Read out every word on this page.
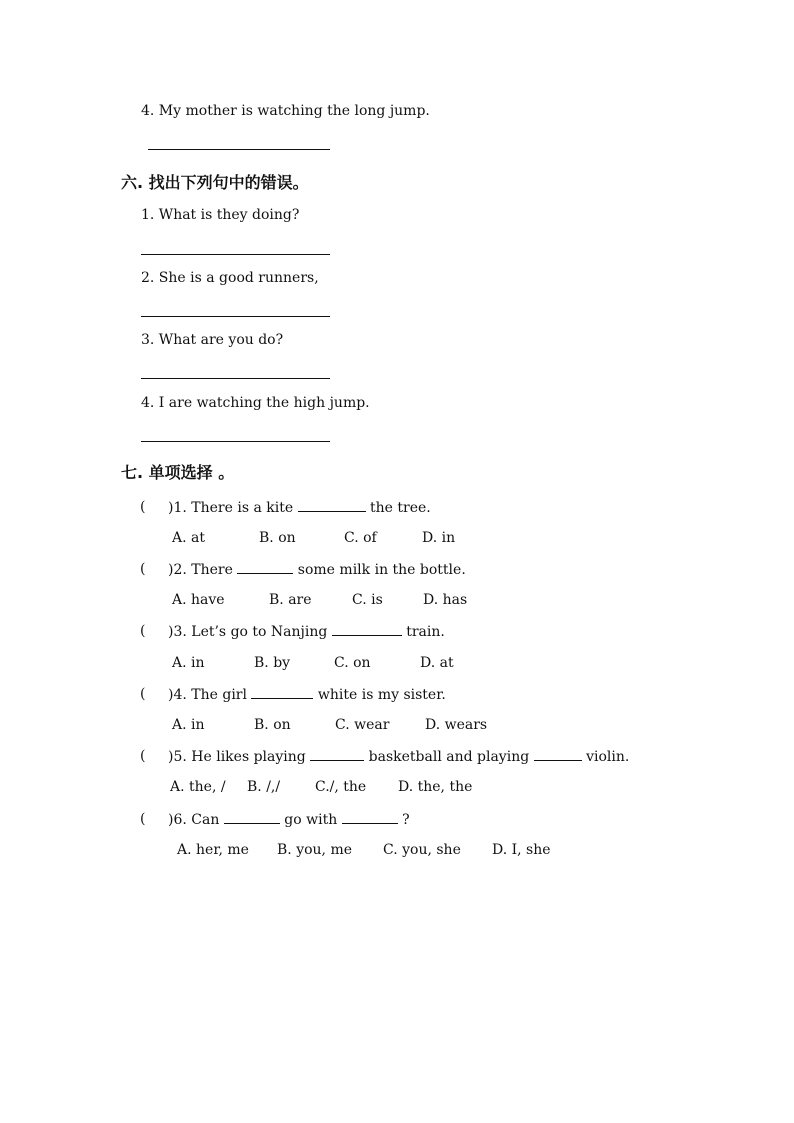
4. My mother is watching the long jump.
六. 找出下列句中的错误。
1. What is they doing?
2. She is a good runners,
3. What are you do?
4. I are watching the high jump.
七. 单项选择 。
( )1. There is a kite	the tree.
A. at	B. on	C. of	D. in
( )2. There	some milk in the bottle.
A. have	B. are	C. is	D. has
( )3. Let’s go to Nanjing	train.
A. in	B. by	C. on	D. at
( )4. The girl	white is my sister.
A. in	B. on	C. wear	D. wears
( )5. He likes playing	basketball and playing	violin.
A. the, / B. /,/ C./, the D. the, the
( )6. Can	go with	?
A. her, me B. you, me C. you, she D. I, she
